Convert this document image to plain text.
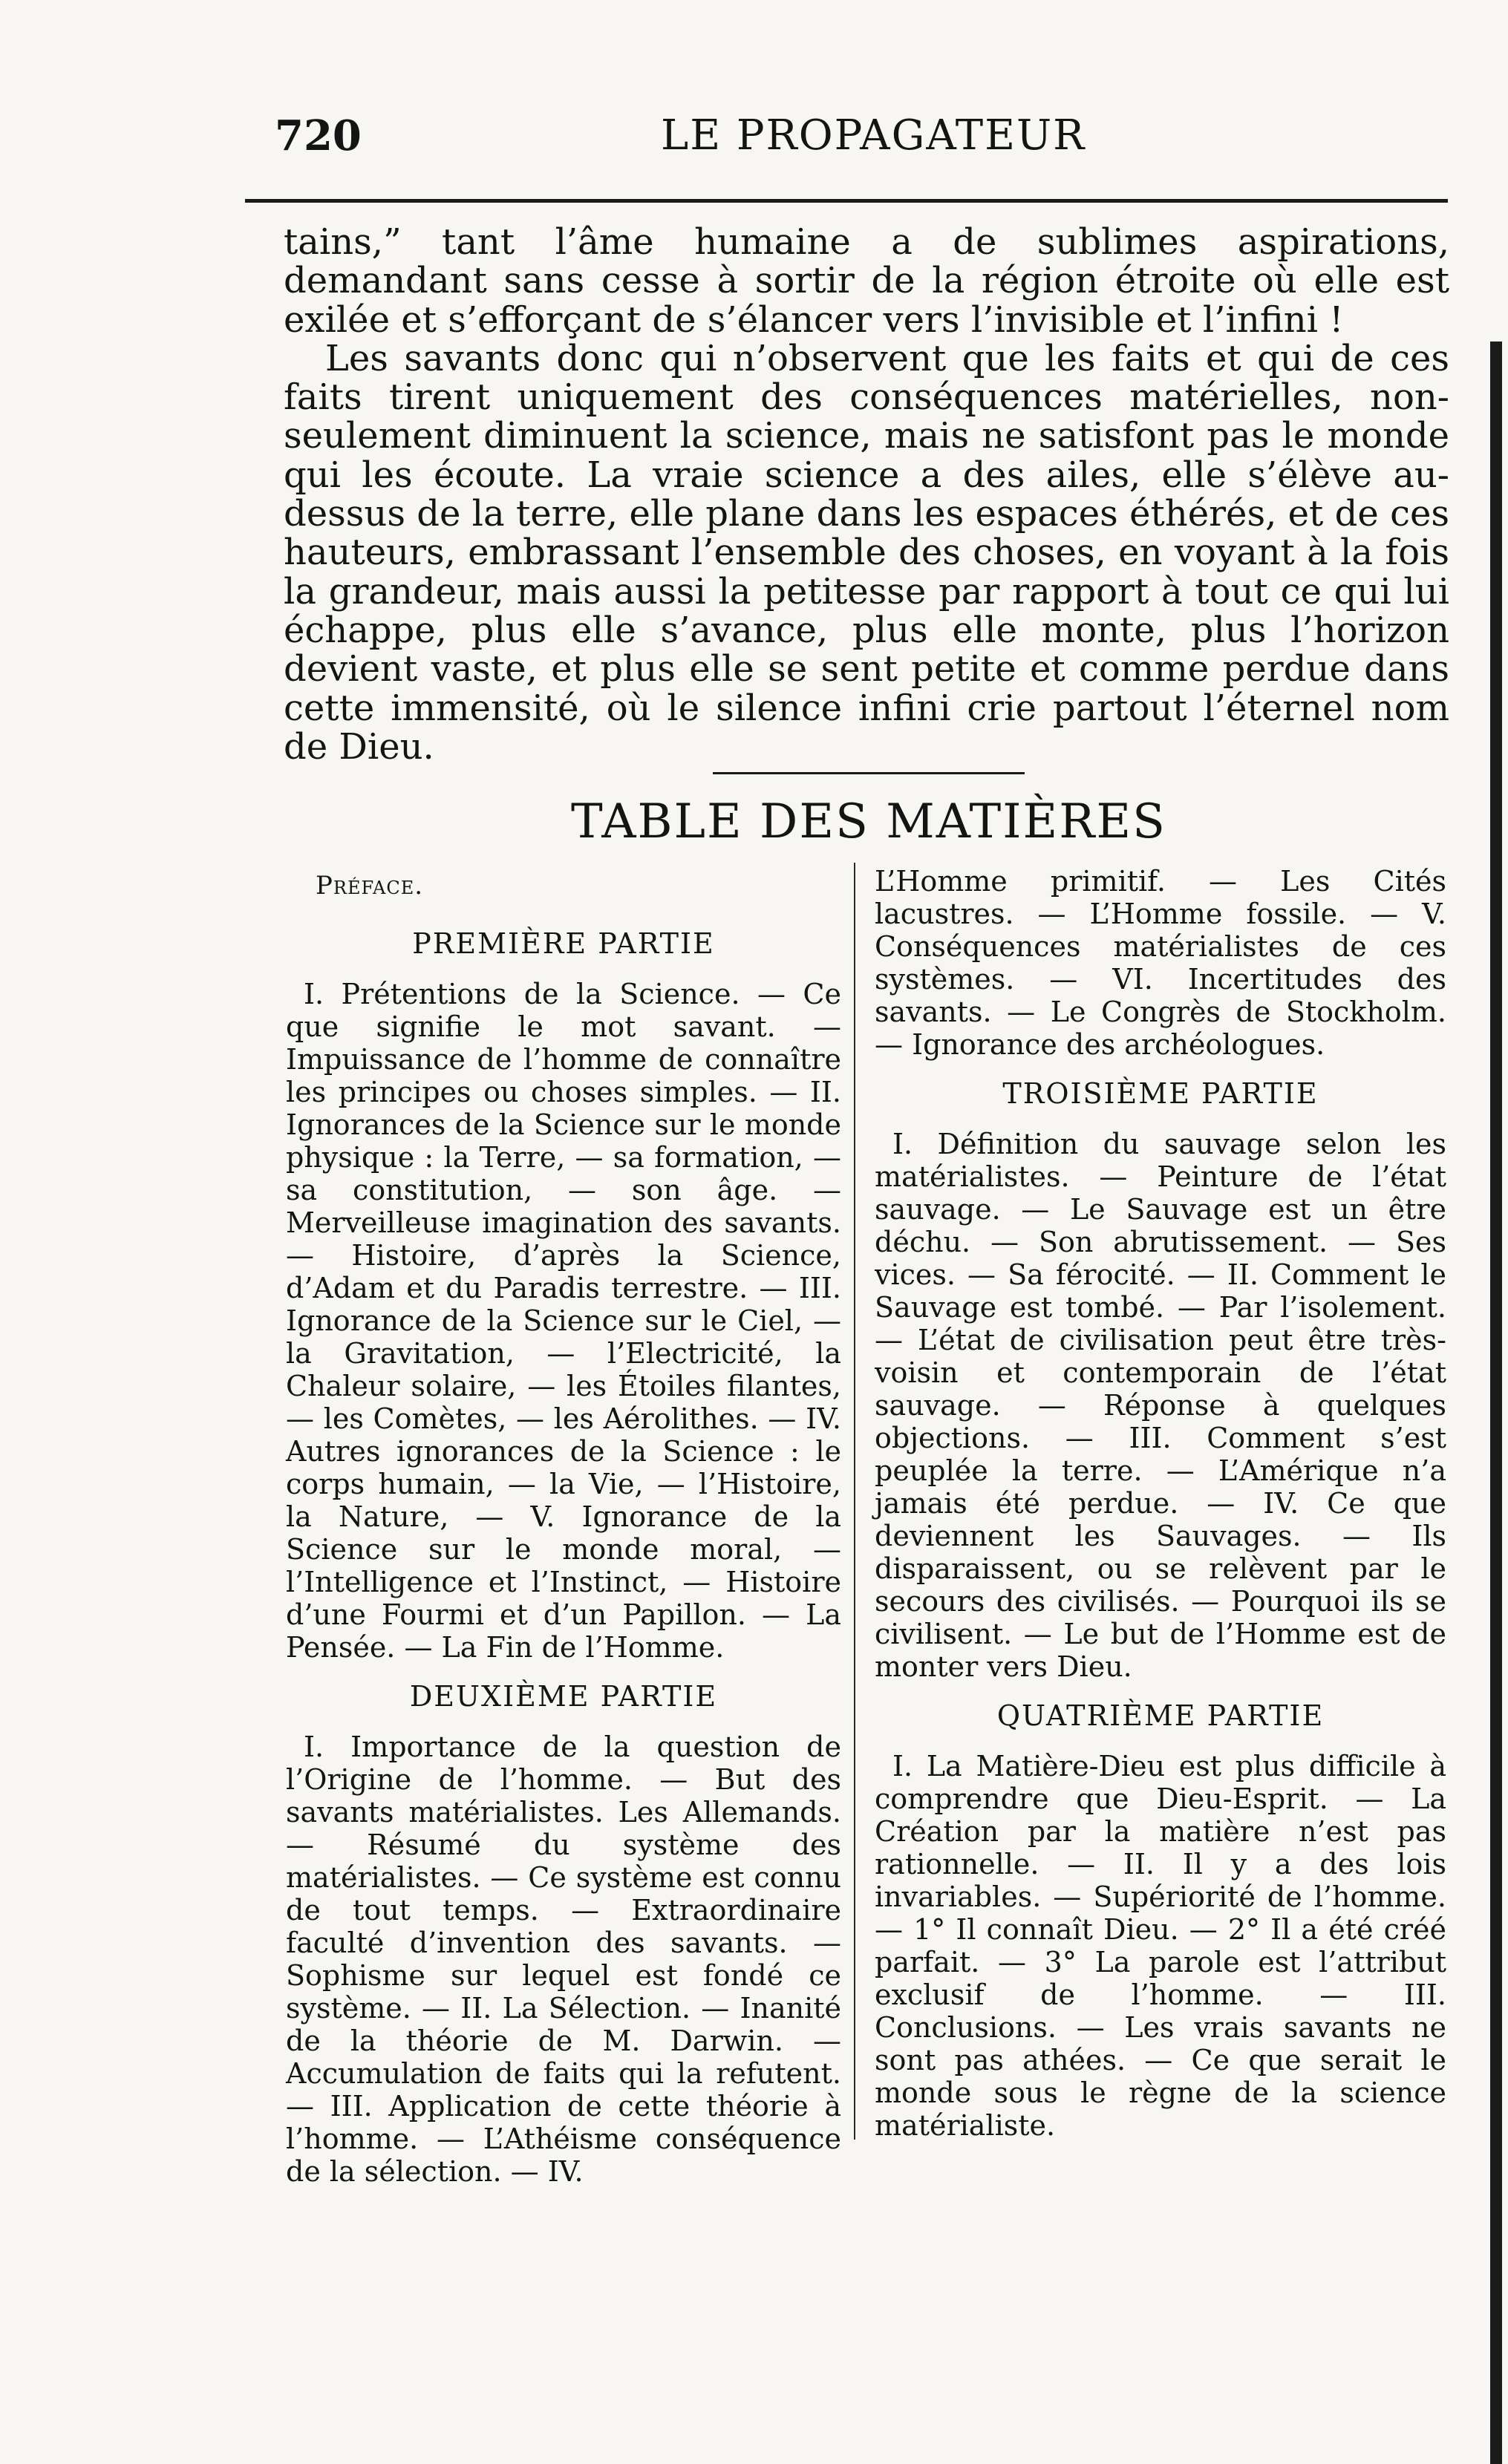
720	LE PROPAGATEUR

tains,” tant l’âme humaine a de sublimes aspirations, demandant sans cesse à sortir de la région étroite où elle est exilée et s’efforçant de s’élancer vers l’invisible et l’infini !

Les savants donc qui n’observent que les faits et qui de ces faits tirent uniquement des conséquences matérielles, non-seulement diminuent la science, mais ne satisfont pas le monde qui les écoute. La vraie science a des ailes, elle s’élève au-dessus de la terre, elle plane dans les espaces éthérés, et de ces hauteurs, embrassant l’ensemble des choses, en voyant à la fois la grandeur, mais aussi la petitesse par rapport à tout ce qui lui échappe, plus elle s’avance, plus elle monte, plus l’horizon devient vaste, et plus elle se sent petite et comme perdue dans cette immensité, où le silence infini crie partout l’éternel nom de Dieu.

TABLE DES MATIÈRES

Préface.

PREMIÈRE PARTIE

I. Prétentions de la Science. — Ce que signifie le mot savant. — Impuissance de l’homme de connaître les principes ou choses simples. — II. Ignorances de la Science sur le monde physique : la Terre, — sa formation, — sa constitution, — son âge. — Merveilleuse imagination des savants. — Histoire, d’après la Science, d’Adam et du Paradis terrestre. — III. Ignorance de la Science sur le Ciel, — la Gravitation, — l’Electricité, la Chaleur solaire, — les Étoiles filantes, — les Comètes, — les Aérolithes. — IV. Autres ignorances de la Science : le corps humain, — la Vie, — l’Histoire, la Nature, — V. Ignorance de la Science sur le monde moral, — l’Intelligence et l’Instinct, — Histoire d’une Fourmi et d’un Papillon. — La Pensée. — La Fin de l’Homme.

DEUXIÈME PARTIE

I. Importance de la question de l’Origine de l’homme. — But des savants matérialistes. Les Allemands. — Résumé du système des matérialistes. — Ce système est connu de tout temps. — Extraordinaire faculté d’invention des savants. — Sophisme sur lequel est fondé ce système. — II. La Sélection. — Inanité de la théorie de M. Darwin. — Accumulation de faits qui la refutent. — III. Application de cette théorie à l’homme. — L’Athéisme conséquence de la sélection. — IV.

L’Homme primitif. — Les Cités lacustres. — L’Homme fossile. — V. Conséquences matérialistes de ces systèmes. — VI. Incertitudes des savants. — Le Congrès de Stockholm. — Ignorance des archéologues.

TROISIÈME PARTIE

I. Définition du sauvage selon les matérialistes. — Peinture de l’état sauvage. — Le Sauvage est un être déchu. — Son abrutissement. — Ses vices. — Sa férocité. — II. Comment le Sauvage est tombé. — Par l’isolement. — L’état de civilisation peut être très-voisin et contemporain de l’état sauvage. — Réponse à quelques objections. — III. Comment s’est peuplée la terre. — L’Amérique n’a jamais été perdue. — IV. Ce que deviennent les Sauvages. — Ils disparaissent, ou se relèvent par le secours des civilisés. — Pourquoi ils se civilisent. — Le but de l’Homme est de monter vers Dieu.

QUATRIÈME PARTIE

I. La Matière-Dieu est plus difficile à comprendre que Dieu-Esprit. — La Création par la matière n’est pas rationnelle. — II. Il y a des lois invariables. — Supériorité de l’homme. — 1° Il connaît Dieu. — 2° Il a été créé parfait. — 3° La parole est l’attribut exclusif de l’homme. — III. Conclusions. — Les vrais savants ne sont pas athées. — Ce que serait le monde sous le règne de la science matérialiste.
